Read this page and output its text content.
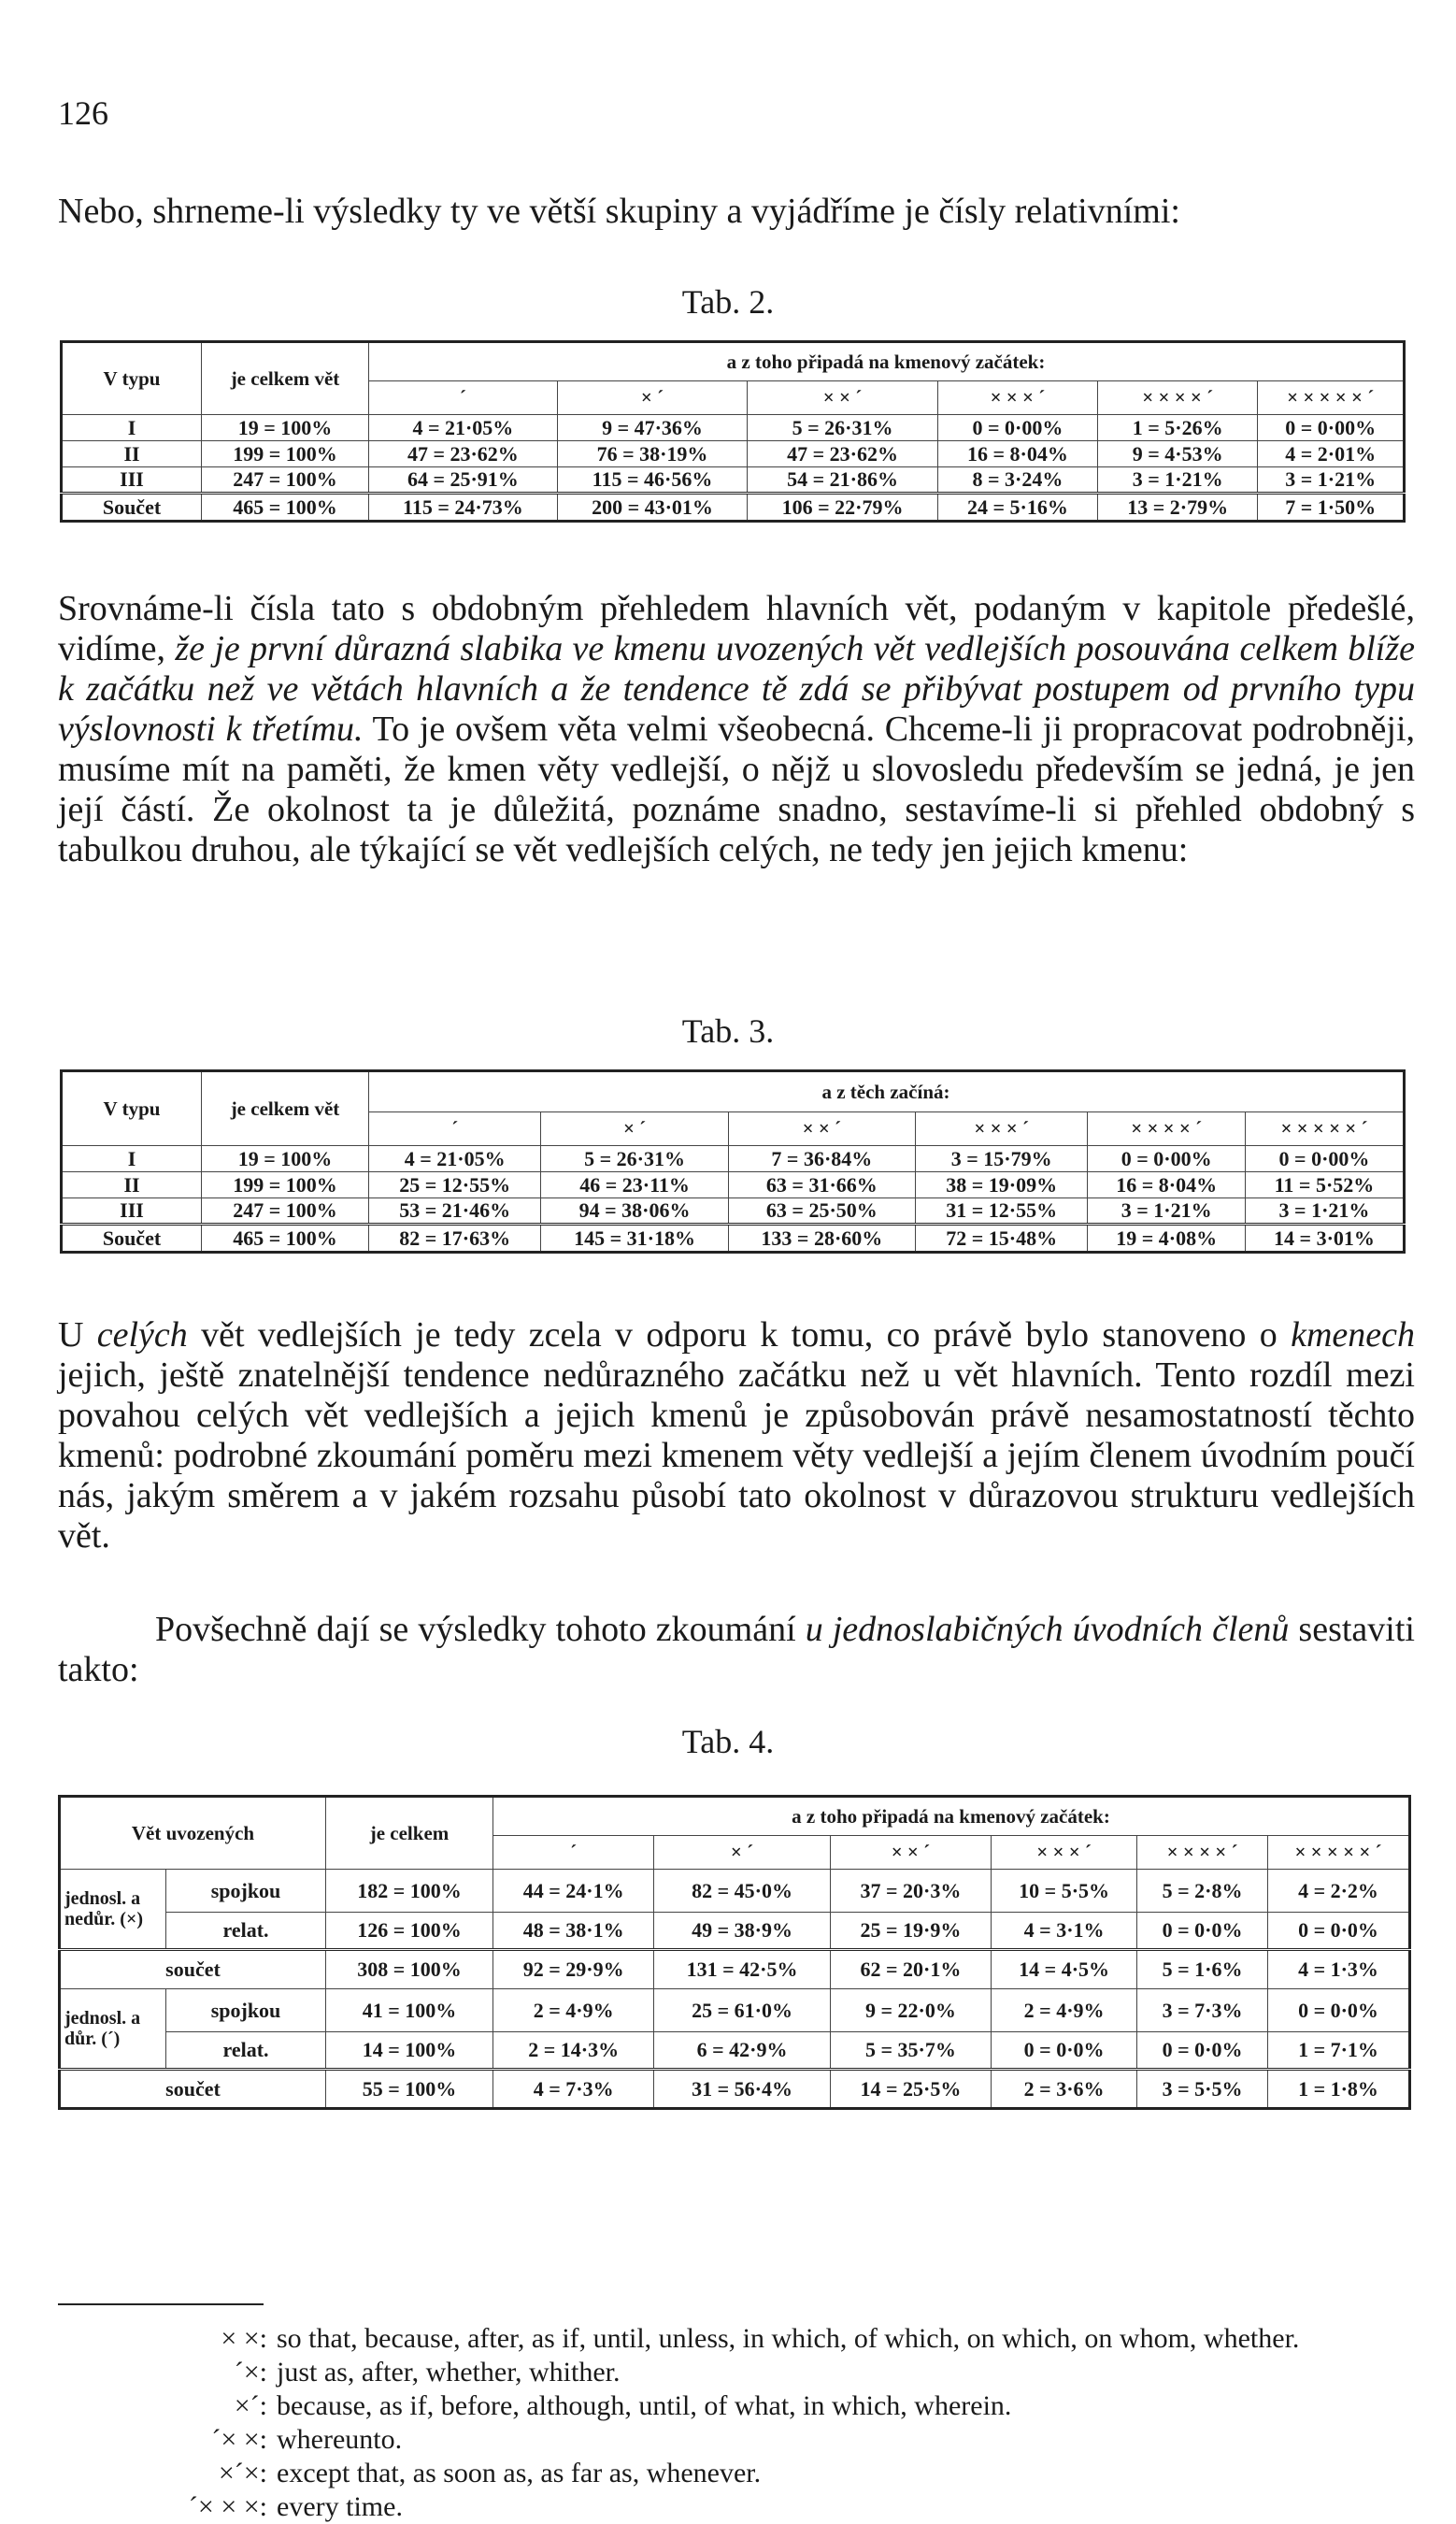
126

Nebo, shrneme-li výsledky ty ve větší skupiny a vyjádříme je čísly relativními:

Tab. 2.
V typu	je celkem vět	a z toho připadá na kmenový začátek:					
		ˊ	× ˊ	× × ˊ	× × × ˊ	× × × × ˊ	× × × × × ˊ
I	19 = 100%	4 = 21·05%	9 = 47·36%	5 = 26·31%	0 = 0·00%	1 = 5·26%	0 = 0·00%
II	199 = 100%	47 = 23·62%	76 = 38·19%	47 = 23·62%	16 = 8·04%	9 = 4·53%	4 = 2·01%
III	247 = 100%	64 = 25·91%	115 = 46·56%	54 = 21·86%	8 = 3·24%	3 = 1·21%	3 = 1·21%
Součet	465 = 100%	115 = 24·73%	200 = 43·01%	106 = 22·79%	24 = 5·16%	13 = 2·79%	7 = 1·50%

Srovnáme-li čísla tato s obdobným přehledem hlavních vět, podaným v kapitole předešlé, vidíme, že je první důrazná slabika ve kmenu uvozených vět vedlejších posouvána celkem blíže k začátku než ve větách hlavních a že tendence tě zdá se přibývat postupem od prvního typu výslovnosti k třetímu. To je ovšem věta velmi všeobecná. Chceme-li ji propracovat podrobněji, musíme mít na paměti, že kmen věty vedlejší, o nějž u slovosledu především se jedná, je jen její částí. Že okolnost ta je důležitá, poznáme snadno, sestavíme-li si přehled obdobný s tabulkou druhou, ale týkající se vět vedlejších celých, ne tedy jen jejich kmenu:

Tab. 3.
V typu	je celkem vět	a z těch začíná:					
		ˊ	× ˊ	× × ˊ	× × × ˊ	× × × × ˊ	× × × × × ˊ
I	19 = 100%	4 = 21·05%	5 = 26·31%	7 = 36·84%	3 = 15·79%	0 = 0·00%	0 = 0·00%
II	199 = 100%	25 = 12·55%	46 = 23·11%	63 = 31·66%	38 = 19·09%	16 = 8·04%	11 = 5·52%
III	247 = 100%	53 = 21·46%	94 = 38·06%	63 = 25·50%	31 = 12·55%	3 = 1·21%	3 = 1·21%
Součet	465 = 100%	82 = 17·63%	145 = 31·18%	133 = 28·60%	72 = 15·48%	19 = 4·08%	14 = 3·01%

U celých vět vedlejších je tedy zcela v odporu k tomu, co právě bylo stanoveno o kmenech jejich, ještě znatelnější tendence nedůrazného začátku než u vět hlavních. Tento rozdíl mezi povahou celých vět vedlejších a jejich kmenů je způsobován právě nesamostatností těchto kmenů: podrobné zkoumání poměru mezi kmenem věty vedlejší a jejím členem úvodním poučí nás, jakým směrem a v jakém rozsahu působí tato okolnost v důrazovou strukturu vedlejších vět.

Povšechně dají se výsledky tohoto zkoumání u jednoslabičných úvodních členů sestaviti takto:

Tab. 4.
Vět uvozených		je celkem	a z toho připadá na kmenový začátek:					
			ˊ	× ˊ	× × ˊ	× × × ˊ	× × × × ˊ	× × × × × ˊ
jednosl. a nedůr. (×)	spojkou	182 = 100%	44 = 24·1%	82 = 45·0%	37 = 20·3%	10 = 5·5%	5 = 2·8%	4 = 2·2%
	relat.	126 = 100%	48 = 38·1%	49 = 38·9%	25 = 19·9%	4 = 3·1%	0 = 0·0%	0 = 0·0%
součet		308 = 100%	92 = 29·9%	131 = 42·5%	62 = 20·1%	14 = 4·5%	5 = 1·6%	4 = 1·3%
jednosl. a důr. (ˊ)	spojkou	41 = 100%	2 = 4·9%	25 = 61·0%	9 = 22·0%	2 = 4·9%	3 = 7·3%	0 = 0·0%
	relat.	14 = 100%	2 = 14·3%	6 = 42·9%	5 = 35·7%	0 = 0·0%	0 = 0·0%	1 = 7·1%
součet		55 = 100%	4 = 7·3%	31 = 56·4%	14 = 25·5%	2 = 3·6%	3 = 5·5%	1 = 1·8%
× ×: so that, because, after, as if, until, unless, in which, of which, on which, on whom, whether.
ˊ×: just as, after, whether, whither.
×ˊ: because, as if, before, although, until, of what, in which, wherein.
ˊ× ×: whereunto.
×ˊ×: except that, as soon as, as far as, whenever.
ˊ× × ×: every time.
